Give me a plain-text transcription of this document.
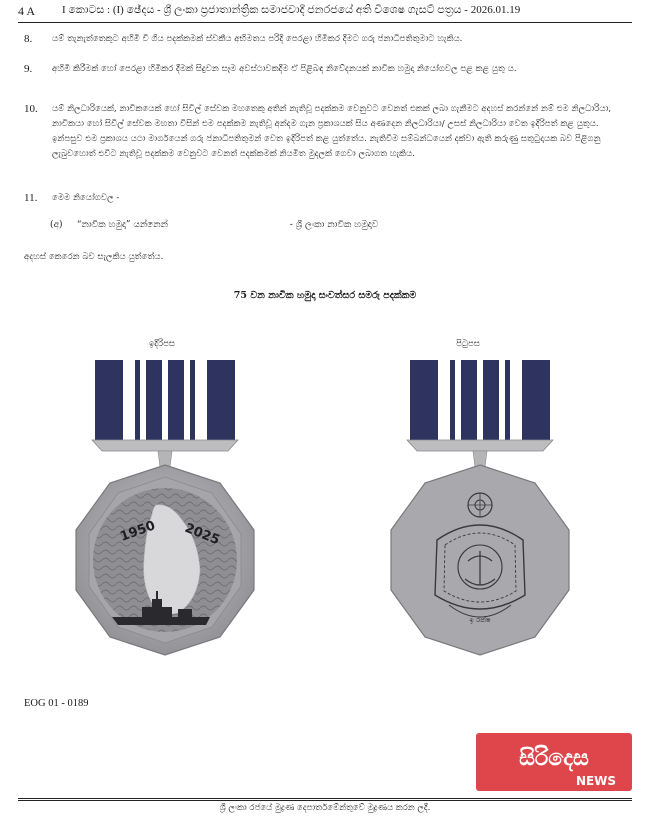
4 A	I කොටස : (I) ඡේදය - ශ්‍රී ලංකා ප්‍රජාතාන්ත්‍රික සමාජවාදී ජනරජයේ අති විශෙෂ ගැසට් පත්‍රය - 2026.01.19
8.	යම් තැනැත්තෙකුට අහිමි වී ගිය පදක්කමක් ස්වකීය අභිමතය පරිදි පෙරළා හිමිකර දීමට ගරු ජනාධිපතිතුමාට හැකිය.
9.	අහිමි කිරීමක් හෝ පෙරළා හිමිකර දීමක් සිදුවන සෑම අවස්ථාවකදීම ඒ පිළිබඳ නිවේදනයක් නාවික හමුදා නියෝගවල පළ කළ යුතු ය.
10.	යම් නිලධාරියෙක්, නාවිකයෙක් හෝ සිවිල් සේවක මහතෙකු අතින් නැතිවූ පදක්කම වෙනුවට වෙනත් එකක් ලබා ගැනීමට අදහස් කරන්නේ නම් එම නිලධාරියා, නාවිකයා හෝ සිවිල් සේවක මහතා විසින් එම පදක්කම නැතිවූ අන්දම ගැන ප්‍රකාශයක් සිය අණදෙන නිලධාරියා/ උසස් නිලධාරියා වෙත ඉදිරිපත් කළ යුතුය. ඉන්පසුව එම ප්‍රකාශය යථා මාර්ගයෙන් ගරු ජනාධිපතිතුමන් වෙත ඉදිරිපත් කළ යුත්තේය. නැතිවීම සම්බන්ධයෙන් දක්වා ඇති කරුණු සතුටුදායක බව පිළිගනු ලැබුවහොත් එවිට නැතිවූ පදක්කම වෙනුවට වෙනත් පදක්කමක් නියමිත මුදලක් ගෙවා ලබාගත හැකිය.
11.	මෙම නියෝගවල -
(අ) “නාවික හමුදා” යන්නෙන්	- ශ්‍රී ලංකා නාවික හමුදාව
අදහස් කෙරෙන බව සැලකිය යුත්තේය.
75 වන නාවික හමුදා සංවත්සර සමරු පදක්කම
ඉදිරිපස	පිටුපස
1950 2025
ඉ රක්ෂ
EOG 01 - 0189
සිරිදෙස
NEWS
ශ්‍රී ලංකා රජයේ මුද්‍රණ දෙපාර්තමේන්තුවේ මුද්‍රණය කරන ලදී.
